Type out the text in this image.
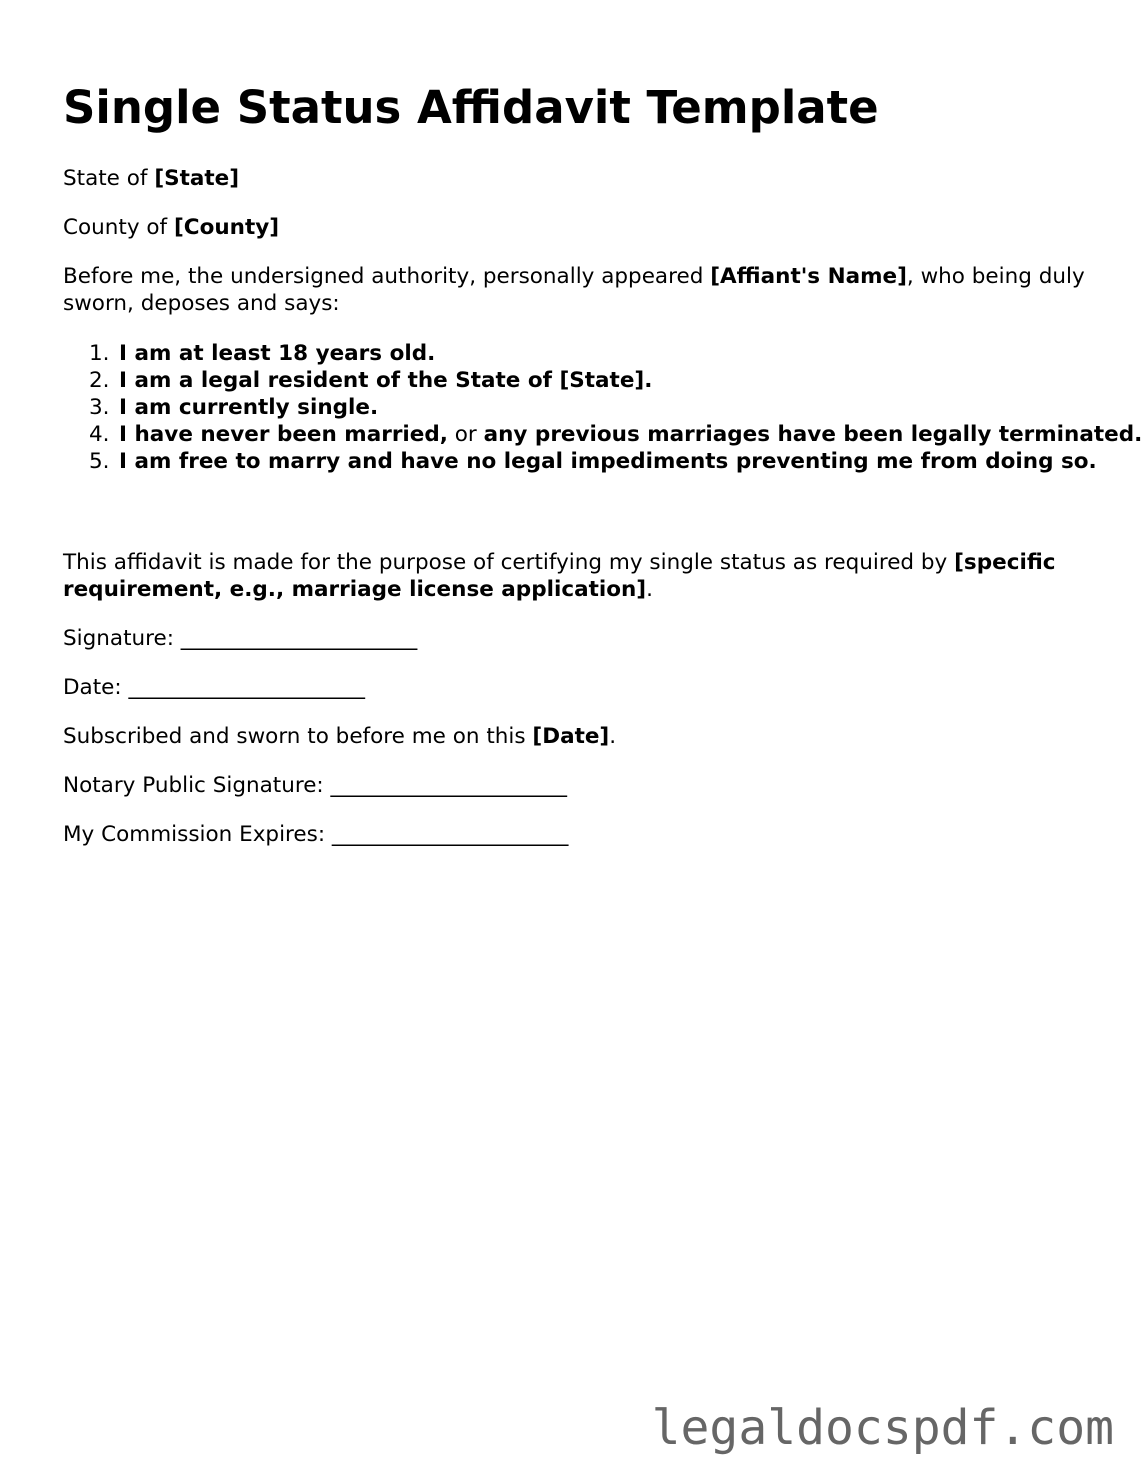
Single Status Affidavit Template

State of [State]

County of [County]

Before me, the undersigned authority, personally appeared [Affiant's Name], who being duly sworn, deposes and says:

1. I am at least 18 years old.
2. I am a legal resident of the State of [State].
3. I am currently single.
4. I have never been married, or any previous marriages have been legally terminated.
5. I am free to marry and have no legal impediments preventing me from doing so.

This affidavit is made for the purpose of certifying my single status as required by [specific requirement, e.g., marriage license application].

Signature: ______________________

Date: ______________________

Subscribed and sworn to before me on this [Date].

Notary Public Signature: ______________________

My Commission Expires: ______________________

legaldocspdf.com
